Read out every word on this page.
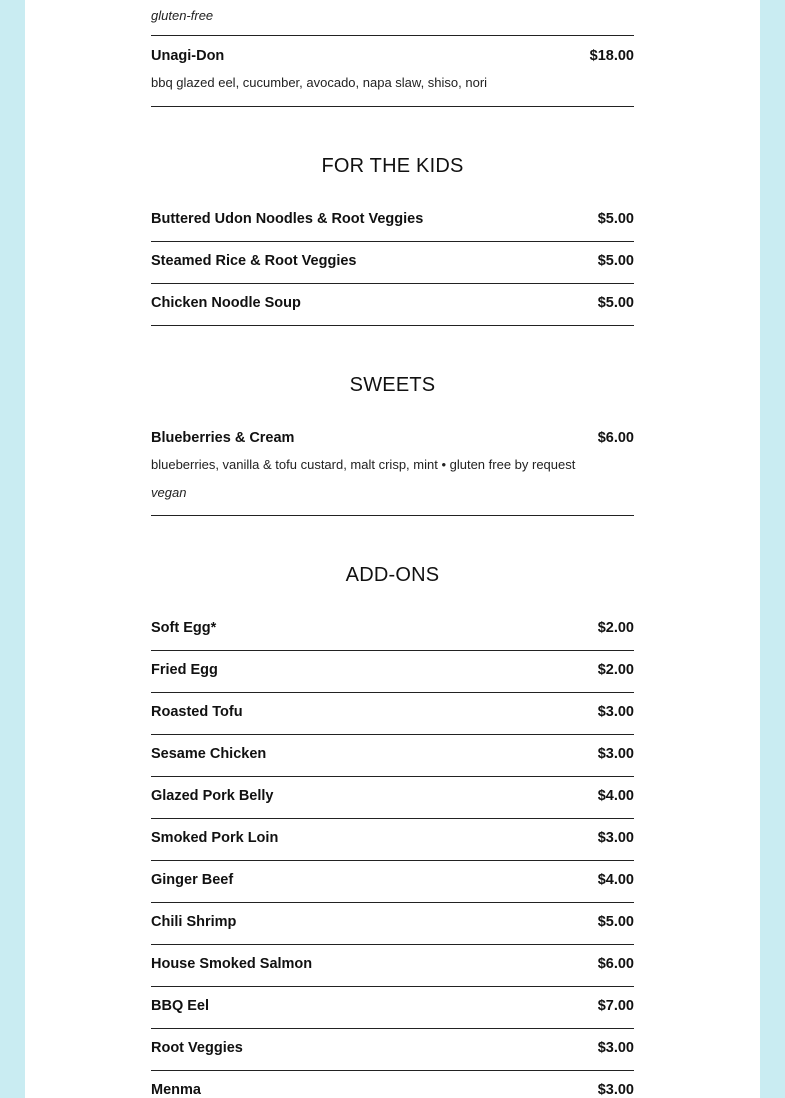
gluten-free
Unagi-Don	$18.00
bbq glazed eel, cucumber, avocado, napa slaw, shiso, nori
FOR THE KIDS
Buttered Udon Noodles & Root Veggies	$5.00
Steamed Rice & Root Veggies	$5.00
Chicken Noodle Soup	$5.00
SWEETS
Blueberries & Cream	$6.00
blueberries, vanilla & tofu custard, malt crisp, mint • gluten free by request
vegan
ADD-ONS
Soft Egg*	$2.00
Fried Egg	$2.00
Roasted Tofu	$3.00
Sesame Chicken	$3.00
Glazed Pork Belly	$4.00
Smoked Pork Loin	$3.00
Ginger Beef	$4.00
Chili Shrimp	$5.00
House Smoked Salmon	$6.00
BBQ Eel	$7.00
Root Veggies	$3.00
Menma	$3.00
